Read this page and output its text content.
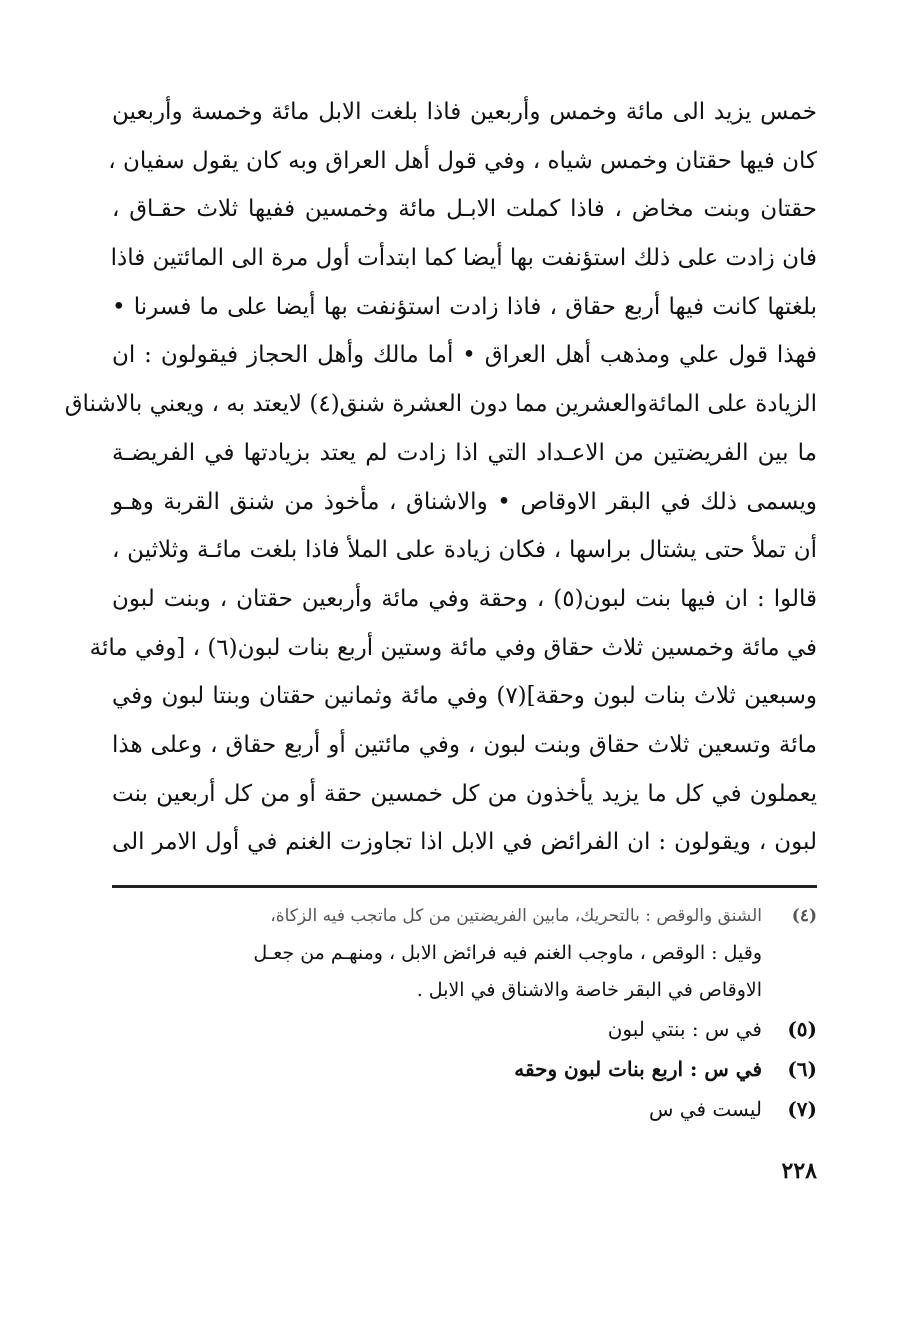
خمس يزيد الى مائة وخمس وأربعين فاذا بلغت الابل مائة وخمسة وأربعين
كان فيها حقتان وخمس شياه ، وفي قول أهل العراق وبه كان يقول سفيان ،
حقتان وبنت مخاض ، فاذا كملت الابـل مائة وخمسين ففيها ثلاث حقـاق ،
فان زادت على ذلك استؤنفت بها أيضا كما ابتدأت أول مرة الى المائتين فاذا
بلغتها كانت فيها أربع حقاق ، فاذا زادت استؤنفت بها أيضا على ما فسرنا •
فهذا قول علي ومذهب أهل العراق • أما مالك وأهل الحجاز فيقولون : ان
الزيادة على المائةوالعشرين مما دون العشرة شنق(٤) لايعتد به ، ويعني بالاشناق
ما بين الفريضتين من الاعـداد التي اذا زادت لم يعتد بزيادتها في الفريضـة
ويسمى ذلك في البقر الاوقاص • والاشناق ، مأخوذ من شنق القربة وهـو
أن تملأ حتى يشتال براسها ، فكان زيادة على الملأ فاذا بلغت مائـة وثلاثين ،
قالوا : ان فيها بنت لبون(٥) ، وحقة وفي مائة وأربعين حقتان ، وبنت لبون
في مائة وخمسين ثلاث حقاق وفي مائة وستين أربع بنات لبون(٦) ، [وفي مائة
وسبعين ثلاث بنات لبون وحقة](٧) وفي مائة وثمانين حقتان وبنتا لبون وفي
مائة وتسعين ثلاث حقاق وبنت لبون ، وفي مائتين أو أربع حقاق ، وعلى هذا
يعملون في كل ما يزيد يأخذون من كل خمسين حقة أو من كل أربعين بنت
لبون ، ويقولون : ان الفرائض في الابل اذا تجاوزت الغنم في أول الامر الى
(٤)الشنق والوقص : بالتحريك، مابين الفريضتين من كل ماتجب فيه الزكاة،
وقيل : الوقص ، ماوجب الغنم فيه فرائض الابل ، ومنهـم من جعـل
الاوقاص في البقر خاصة والاشناق في الابل .
(٥)في س : بنتي لبون
(٦)في س : اربع بنات لبون وحقه
(٧)ليست في س
٢٢٨
